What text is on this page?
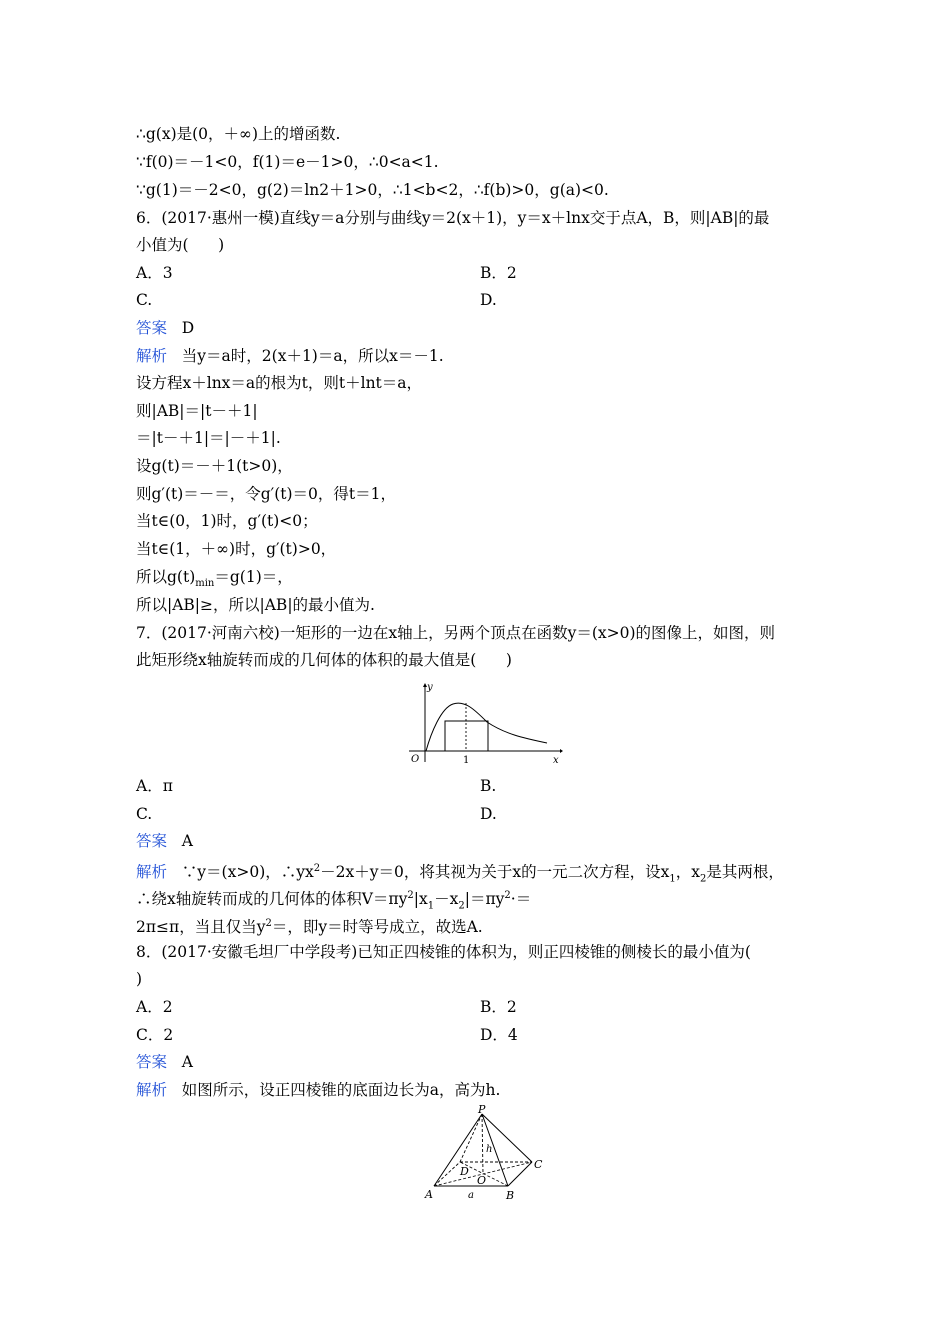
∴g(x)是(0，＋∞)上的增函数.
∵f(0)＝－1<0，f(1)＝e－1>0，∴0<a<1.
∵g(1)＝－2<0，g(2)＝ln2＋1>0，∴1<b<2，∴f(b)>0，g(a)<0.
6．(2017·惠州一模)直线y＝a分别与曲线y＝2(x＋1)，y＝x＋lnx交于点A，B，则|AB|的最
小值为(      )
A．3	B．2
C.	D.
答案 D
解析 当y＝a时，2(x＋1)＝a，所以x＝－1.
设方程x＋lnx＝a的根为t，则t＋lnt＝a，
则|AB|＝|t－＋1|
＝|t－＋1|＝|－＋1|.
设g(t)＝－＋1(t>0)，
则g′(t)＝－＝，令g′(t)＝0，得t＝1，
当t∈(0，1)时，g′(t)<0；
当t∈(1，＋∞)时，g′(t)>0，
所以$g(t)_{min}=g(1)=$，
所以|AB|≥，所以|AB|的最小值为.
7．(2017·河南六校)一矩形的一边在x轴上，另两个顶点在函数y＝(x>0)的图像上，如图，则
此矩形绕x轴旋转而成的几何体的体积的最大值是(      )
y
O	1	x
A．π	B.
C.	D.
答案 A
解析 ∵y＝(x>0)，$\therefore yx^2-2x+y=0$，将其视为关于x的一元二次方程，设$x_1$，$x_2$是其两根，
∴绕x轴旋转而成的几何体的体积$V=\pi y^2|x_1-x_2|=\pi y^2\cdot=$
2π≤π，当且仅当$y^2=$，即y＝时等号成立，故选A.
8．(2017·安徽毛坦厂中学段考)已知正四棱锥的体积为，则正四棱锥的侧棱长的最小值为(
)
A．2	B．2
C．2	D．4
答案 A
解析 如图所示，设正四棱锥的底面边长为a，高为h.
P
A	B
C
D
O
h
a
